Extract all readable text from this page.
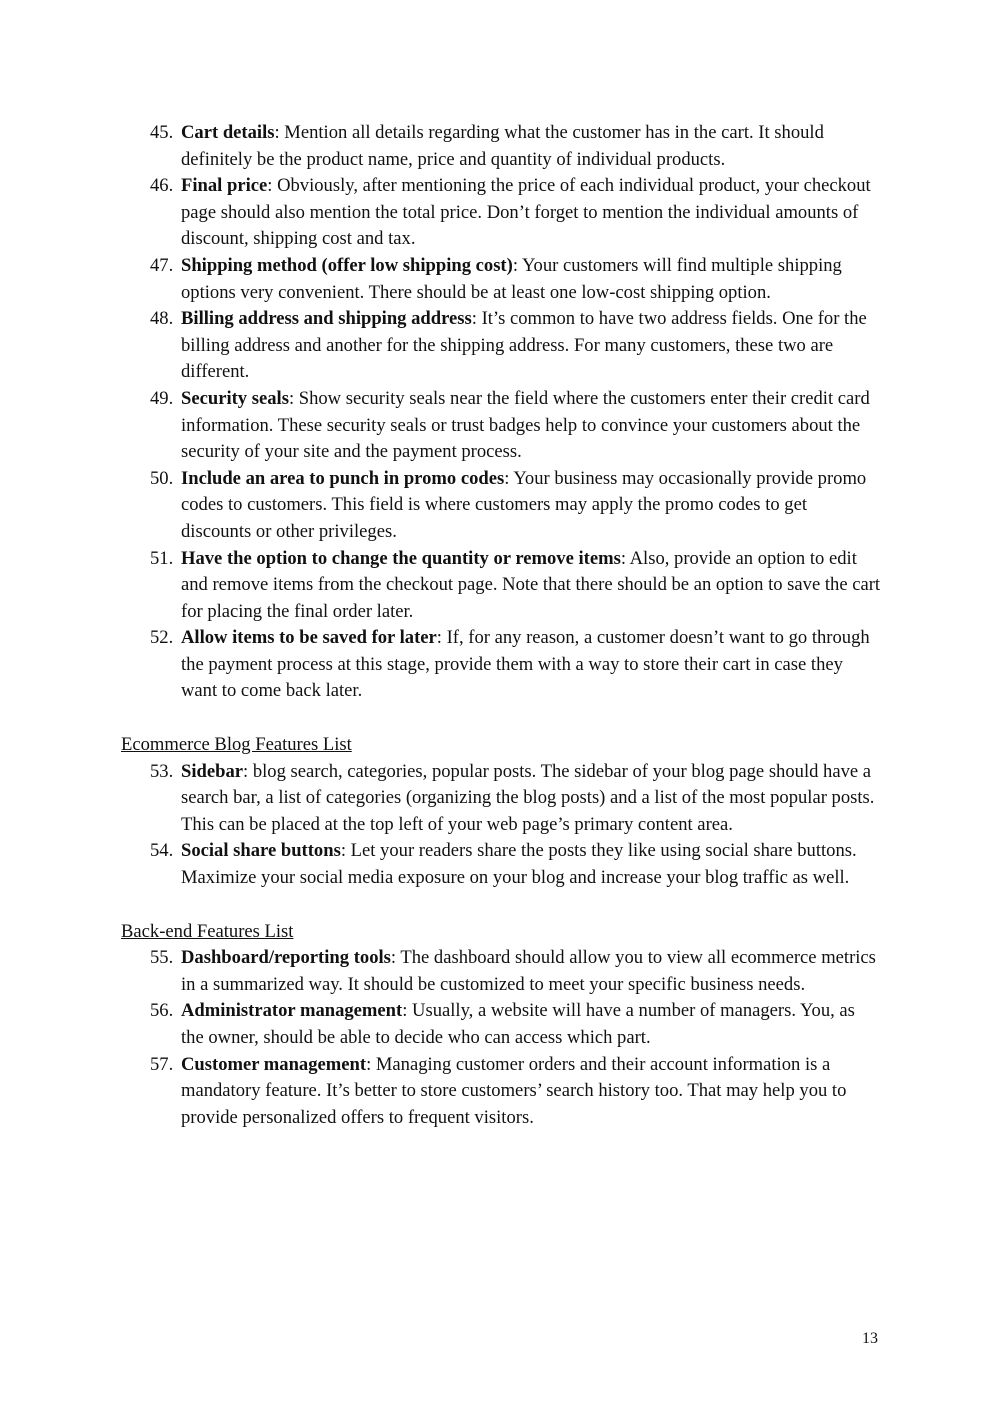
45. Cart details: Mention all details regarding what the customer has in the cart. It should definitely be the product name, price and quantity of individual products.
46. Final price: Obviously, after mentioning the price of each individual product, your checkout page should also mention the total price. Don’t forget to mention the individual amounts of discount, shipping cost and tax.
47. Shipping method (offer low shipping cost): Your customers will find multiple shipping options very convenient. There should be at least one low-cost shipping option.
48. Billing address and shipping address: It’s common to have two address fields. One for the billing address and another for the shipping address. For many customers, these two are different.
49. Security seals: Show security seals near the field where the customers enter their credit card information. These security seals or trust badges help to convince your customers about the security of your site and the payment process.
50. Include an area to punch in promo codes: Your business may occasionally provide promo codes to customers. This field is where customers may apply the promo codes to get discounts or other privileges.
51. Have the option to change the quantity or remove items: Also, provide an option to edit and remove items from the checkout page. Note that there should be an option to save the cart for placing the final order later.
52. Allow items to be saved for later: If, for any reason, a customer doesn’t want to go through the payment process at this stage, provide them with a way to store their cart in case they want to come back later.
Ecommerce Blog Features List
53. Sidebar: blog search, categories, popular posts. The sidebar of your blog page should have a search bar, a list of categories (organizing the blog posts) and a list of the most popular posts. This can be placed at the top left of your web page’s primary content area.
54. Social share buttons: Let your readers share the posts they like using social share buttons. Maximize your social media exposure on your blog and increase your blog traffic as well.
Back-end Features List
55. Dashboard/reporting tools: The dashboard should allow you to view all ecommerce metrics in a summarized way. It should be customized to meet your specific business needs.
56. Administrator management: Usually, a website will have a number of managers. You, as the owner, should be able to decide who can access which part.
57. Customer management: Managing customer orders and their account information is a mandatory feature. It’s better to store customers’ search history too. That may help you to provide personalized offers to frequent visitors.
13
